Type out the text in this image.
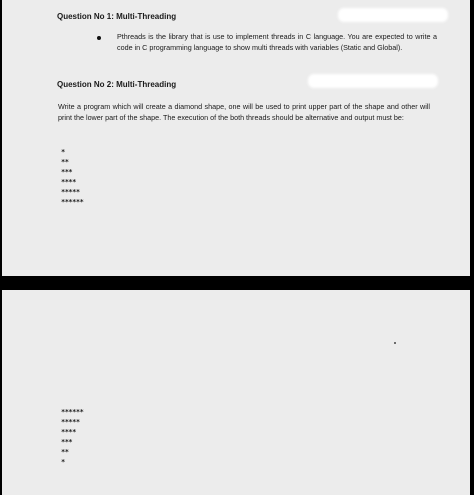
Question No 1: Multi-Threading
Pthreads is the library that is use to implement threads in C language. You are expected to write a code in C programming language to show multi threads with variables (Static and Global).
Question No 2: Multi-Threading
Write a program which will create a diamond shape, one will be used to print upper part of the shape and other will print the lower part of the shape. The execution of the both threads should be alternative and output must be:
*
**
***
****
*****
******
******
*****
****
***
**
*
